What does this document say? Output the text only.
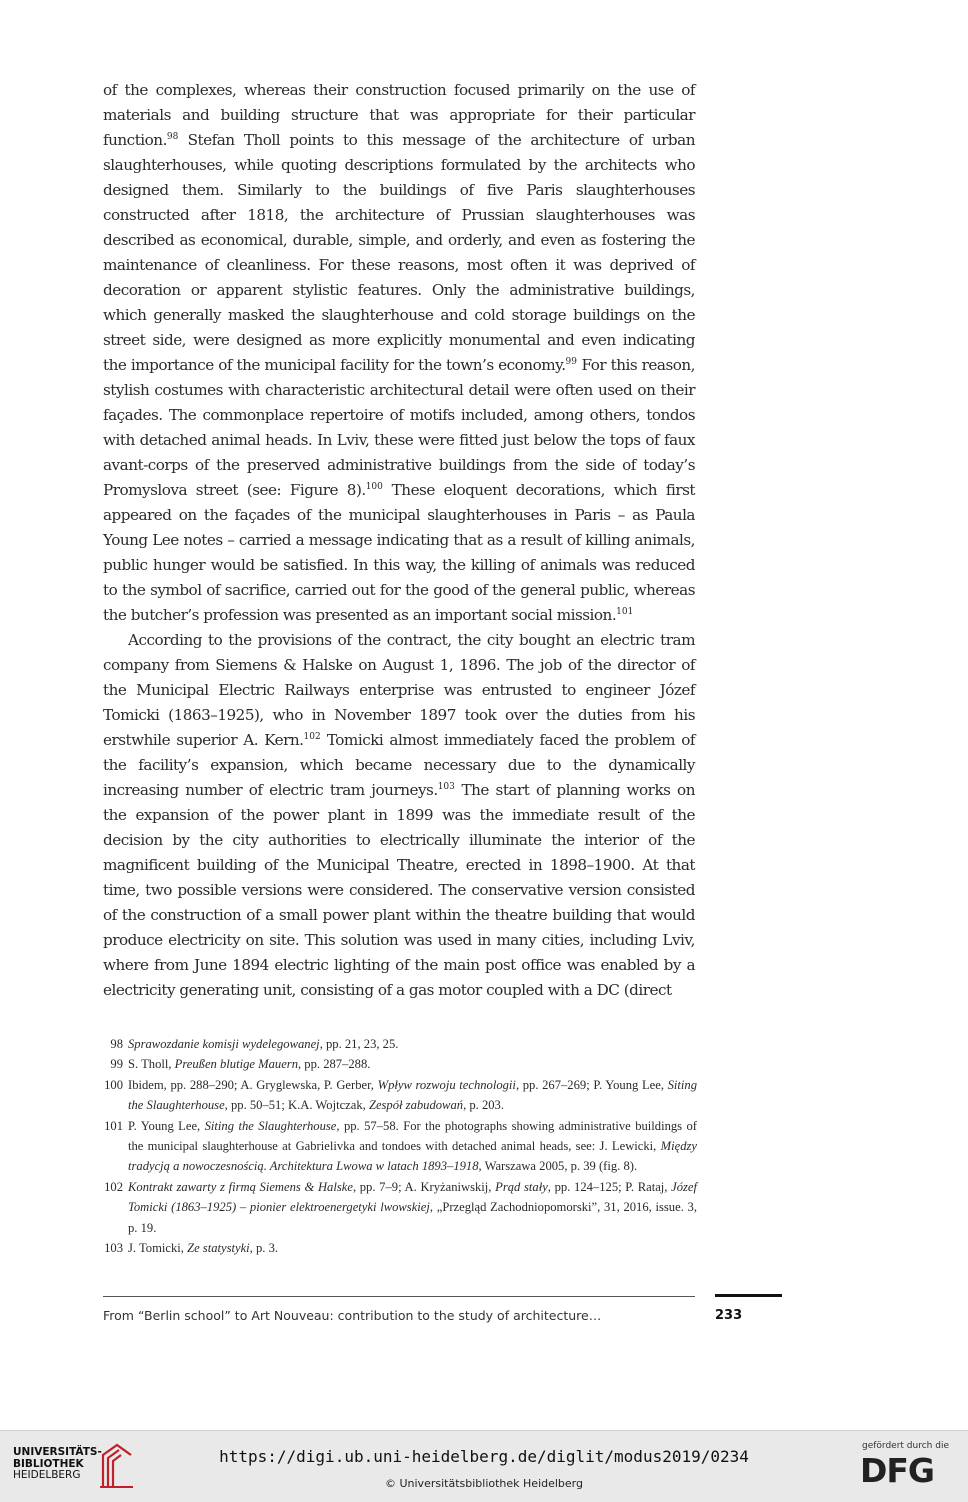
of the complexes, whereas their construction focused primarily on the use of materials and building structure that was appropriate for their particular function.$^{98}$ Stefan Tholl points to this message of the architecture of urban slaughterhouses, while quoting descriptions formulated by the architects who designed them. Similarly to the buildings of five Paris slaughterhouses constructed after 1818, the architecture of Prussian slaughterhouses was described as economical, durable, simple, and orderly, and even as fostering the maintenance of cleanliness. For these reasons, most often it was deprived of decoration or apparent stylistic features. Only the administrative buildings, which generally masked the slaughterhouse and cold storage buildings on the street side, were designed as more explicitly monumental and even indicating the importance of the municipal facility for the town’s economy.$^{99}$ For this reason, stylish costumes with characteristic architectural detail were often used on their façades. The commonplace repertoire of motifs included, among others, tondos with detached animal heads. In Lviv, these were fitted just below the tops of faux avant-corps of the preserved administrative buildings from the side of today’s Promyslova street (see: Figure 8).$^{100}$ These eloquent decorations, which first appeared on the façades of the municipal slaughterhouses in Paris – as Paula Young Lee notes – carried a message indicating that as a result of killing animals, public hunger would be satisfied. In this way, the killing of animals was reduced to the symbol of sacrifice, carried out for the good of the general public, whereas the butcher’s profession was presented as an important social mission.$^{101}$

According to the provisions of the contract, the city bought an electric tram company from Siemens & Halske on August 1, 1896. The job of the director of the Municipal Electric Railways enterprise was entrusted to engineer Józef Tomicki (1863–1925), who in November 1897 took over the duties from his erstwhile superior A. Kern.$^{102}$ Tomicki almost immediately faced the problem of the facility’s expansion, which became necessary due to the dynamically increasing number of electric tram journeys.$^{103}$ The start of planning works on the expansion of the power plant in 1899 was the immediate result of the decision by the city authorities to electrically illuminate the interior of the magnificent building of the Municipal Theatre, erected in 1898–1900. At that time, two possible versions were considered. The conservative version consisted of the construction of a small power plant within the theatre building that would produce electricity on site. This solution was used in many cities, including Lviv, where from June 1894 electric lighting of the main post office was enabled by a electricity generating unit, consisting of a gas motor coupled with a DC (direct

98 Sprawozdanie komisji wydelegowanej, pp. 21, 23, 25.
99 S. Tholl, Preußen blutige Mauern, pp. 287–288.
100 Ibidem, pp. 288–290; A. Gryglewska, P. Gerber, Wpływ rozwoju technologii, pp. 267–269; P. Young Lee, Siting the Slaughterhouse, pp. 50–51; K.A. Wojtczak, Zespół zabudowań, p. 203.
101 P. Young Lee, Siting the Slaughterhouse, pp. 57–58. For the photographs showing administrative buildings of the municipal slaughterhouse at Gabrielivka and tondoes with detached animal heads, see: J. Lewicki, Między tradycją a nowoczesnością. Architektura Lwowa w latach 1893–1918, Warszawa 2005, p. 39 (fig. 8).
102 Kontrakt zawarty z firmą Siemens & Halske, pp. 7–9; A. Kryżaniwskij, Prąd stały, pp. 124–125; P. Rataj, Józef Tomicki (1863–1925) – pionier elektroenergetyki lwowskiej, „Przegląd Zachodniopomorski”, 31, 2016, issue. 3, p. 19.
103 J. Tomicki, Ze statystyki, p. 3.
From “Berlin school” to Art Nouveau: contribution to the study of architecture…	233
UNIVERSITÄTS-
BIBLIOTHEK
HEIDELBERG
https://digi.ub.uni-heidelberg.de/diglit/modus2019/0234
© Universitätsbibliothek Heidelberg
gefördert durch die
DFG
